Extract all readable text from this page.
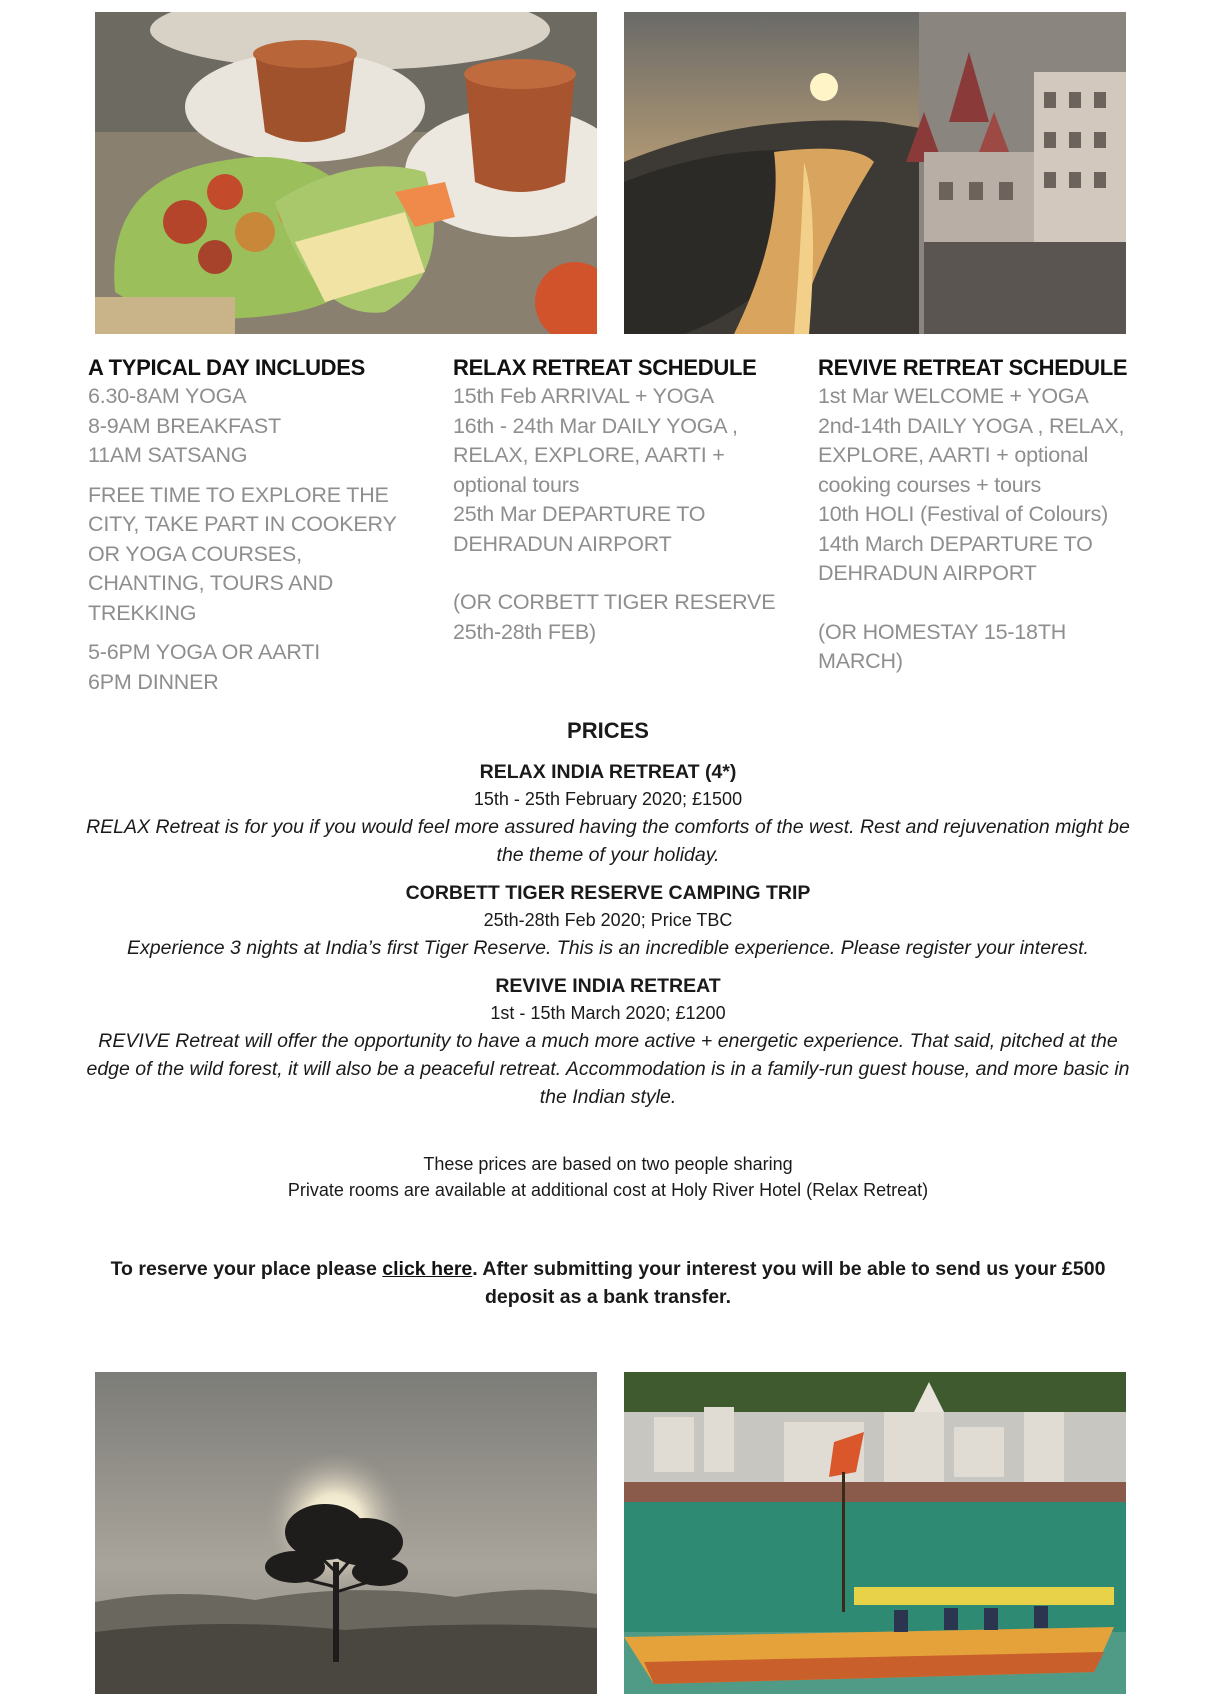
A TYPICAL DAY INCLUDES
6.30-8AM YOGA
8-9AM BREAKFAST
11AM SATSANG
FREE TIME TO EXPLORE THE
CITY, TAKE PART IN COOKERY
OR YOGA COURSES,
CHANTING, TOURS AND
TREKKING
5-6PM YOGA OR AARTI
6PM DINNER
RELAX RETREAT SCHEDULE
15th Feb ARRIVAL + YOGA
16th - 24th Mar DAILY YOGA ,
RELAX, EXPLORE, AARTI +
optional tours
25th Mar DEPARTURE TO
DEHRADUN AIRPORT
(OR CORBETT TIGER RESERVE
25th-28th FEB)
REVIVE RETREAT SCHEDULE
1st Mar WELCOME + YOGA
2nd-14th DAILY YOGA , RELAX,
EXPLORE, AARTI + optional
cooking courses + tours
10th HOLI (Festival of Colours)
14th March DEPARTURE TO
DEHRADUN AIRPORT
(OR HOMESTAY 15-18TH
MARCH)

PRICES

RELAX INDIA RETREAT (4*)

15th - 25th February 2020; £1500

RELAX Retreat is for you if you would feel more assured having the comforts of the west. Rest and rejuvenation might be the theme of your holiday.

CORBETT TIGER RESERVE CAMPING TRIP

25th-28th Feb 2020; Price TBC

Experience 3 nights at India’s first Tiger Reserve. This is an incredible experience. Please register your interest.

REVIVE INDIA RETREAT

1st - 15th March 2020; £1200

REVIVE Retreat will offer the opportunity to have a much more active + energetic experience. That said, pitched at the edge of the wild forest, it will also be a peaceful retreat. Accommodation is in a family-run guest house, and more basic in the Indian style.

These prices are based on two people sharing

Private rooms are available at additional cost at Holy River Hotel (Relax Retreat)

To reserve your place please click here. After submitting your interest you will be able to send us your £500 deposit as a bank transfer.
